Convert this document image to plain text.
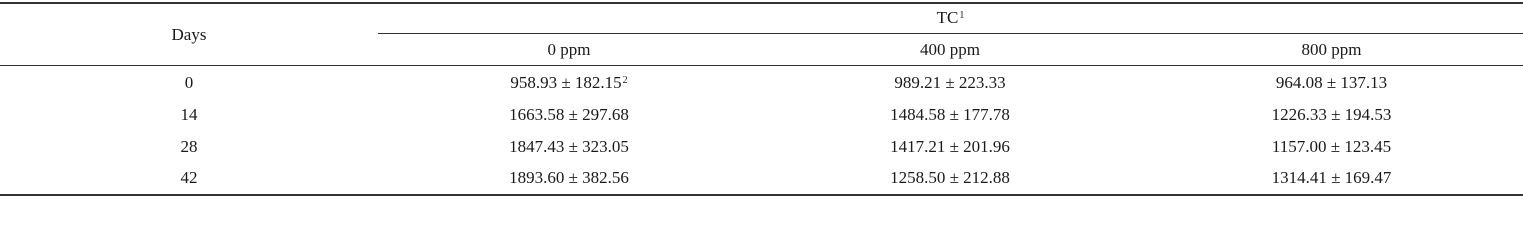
Days
$TC^1$
0 ppm	400 ppm	800 ppm
0	$958.93 \pm 182.15^2$	989.21 ± 223.33	964.08 ± 137.13
14	1663.58 ± 297.68	1484.58 ± 177.78	1226.33 ± 194.53
28	1847.43 ± 323.05	1417.21 ± 201.96	1157.00 ± 123.45
42	1893.60 ± 382.56	1258.50 ± 212.88	1314.41 ± 169.47
